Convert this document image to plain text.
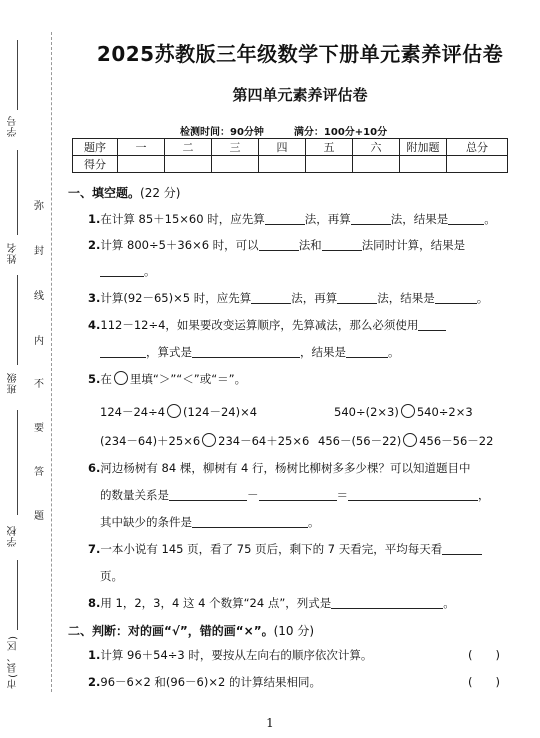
学号
姓名
班级
学校
市(县、区)
弥
封
线
内
不
要
答
题
2025苏教版三年级数学下册单元素养评估卷
第四单元素养评估卷
检测时间：90分钟	满分：100分+10分
题序	一	二	三	四	五	六	附加题	总分
得分								
一、填空题。(22 分)
1.在计算 85＋15×60 时，应先算	法，再算	法，结果是	。
2.计算 800÷5＋36×6 时，可以	法和	法同时计算，结果是
。
3.计算(92－65)×5 时，应先算	法，再算	法，结果是	。
4.112－12÷4，如果要改变运算顺序，先算减法，那么必须使用
，算式是	，结果是	。
5.在 里填“＞”“＜”或“＝”。
124－24÷4 (124－24)×4	540÷(2×3) 540÷2×3
(234－64)＋25×6 234－64＋25×6 456－(56－22) 456－56－22
6.河边杨树有 84 棵，柳树有 4 行，杨树比柳树多多少棵？可以知道题目中
的数量关系是	－	＝	，
其中缺少的条件是	。
7.一本小说有 145 页，看了 75 页后，剩下的 7 天看完，平均每天看
页。
8.用 1，2，3，4 这 4 个数算“24 点”，列式是	。
二、判断：对的画“√”，错的画“×”。(10 分)
1.计算 96＋54÷3 时，要按从左向右的顺序依次计算。	(　　)
2.96－6×2 和(96－6)×2 的计算结果相同。	(　　)
1
